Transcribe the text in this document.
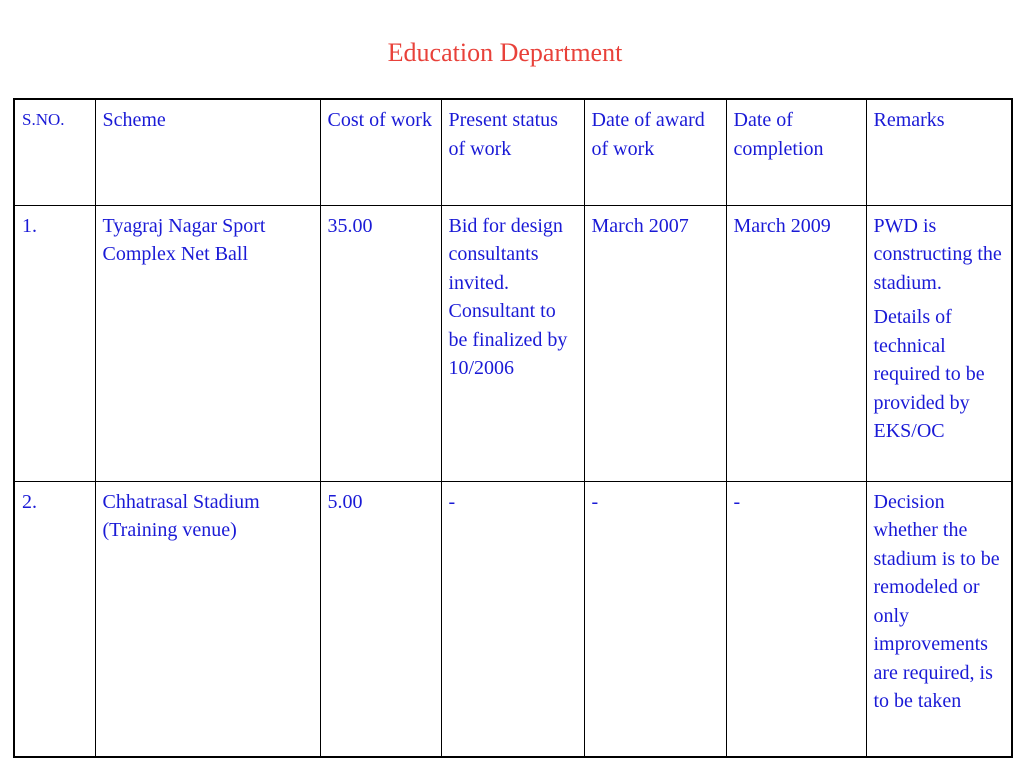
Education Department
S.NO.	Scheme	Cost of work	Present status of work	Date of award of work	Date of completion	Remarks
1.	Tyagraj Nagar Sport Complex Net Ball	35.00	Bid for design consultants invited. Consultant to be finalized by 10/2006	March 2007	March 2009	PWD is constructing the stadium.
Details of technical required to be provided by EKS/OC

2.	Chhatrasal Stadium (Training venue)	5.00	-	-	-	Decision whether the stadium is to be remodeled or only improvements are required, is to be taken
